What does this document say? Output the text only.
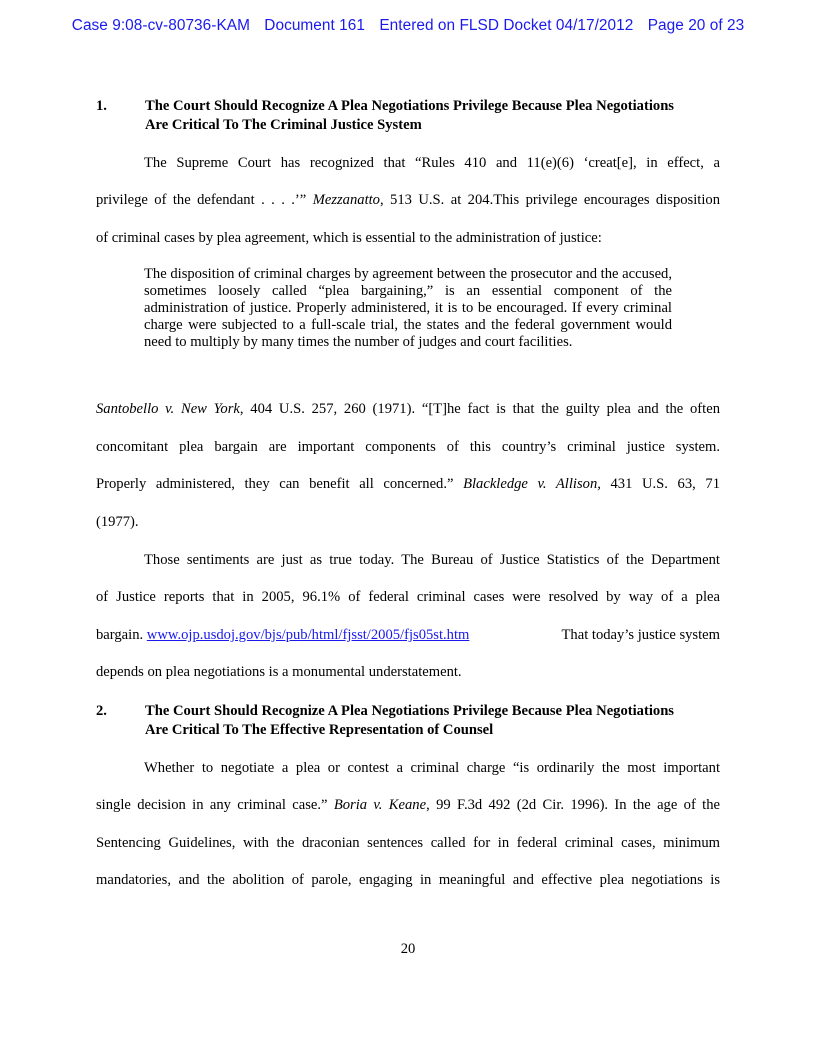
Case 9:08-cv-80736-KAM Document 161 Entered on FLSD Docket 04/17/2012 Page 20 of 23
1.	The Court Should Recognize A Plea Negotiations Privilege Because Plea Negotiations Are Critical To The Criminal Justice System
The Supreme Court has recognized that “Rules 410 and 11(e)(6) ‘creat[e], in effect, a
privilege of the defendant . . . .’” Mezzanatto, 513 U.S. at 204.This privilege encourages disposition
of criminal cases by plea agreement, which is essential to the administration of justice:

The disposition of criminal charges by agreement between the prosecutor and the accused, sometimes loosely called “plea bargaining,” is an essential component of the administration of justice. Properly administered, it is to be encouraged. If every criminal charge were subjected to a full-scale trial, the states and the federal government would need to multiply by many times the number of judges and court facilities.

Santobello v. New York, 404 U.S. 257, 260 (1971). “[T]he fact is that the guilty plea and the often
concomitant plea bargain are important components of this country’s criminal justice system.
Properly administered, they can benefit all concerned.” Blackledge v. Allison, 431 U.S. 63, 71
(1977).
Those sentiments are just as true today. The Bureau of Justice Statistics of the Department
of Justice reports that in 2005, 96.1% of federal criminal cases were resolved by way of a plea
bargain. www.ojp.usdoj.gov/bjs/pub/html/fjsst/2005/fjs05st.htm	That today’s justice system
depends on plea negotiations is a monumental understatement.
2.	The Court Should Recognize A Plea Negotiations Privilege Because Plea Negotiations Are Critical To The Effective Representation of Counsel
Whether to negotiate a plea or contest a criminal charge “is ordinarily the most important
single decision in any criminal case.” Boria v. Keane, 99 F.3d 492 (2d Cir. 1996). In the age of the
Sentencing Guidelines, with the draconian sentences called for in federal criminal cases, minimum
mandatories, and the abolition of parole, engaging in meaningful and effective plea negotiations is
20
